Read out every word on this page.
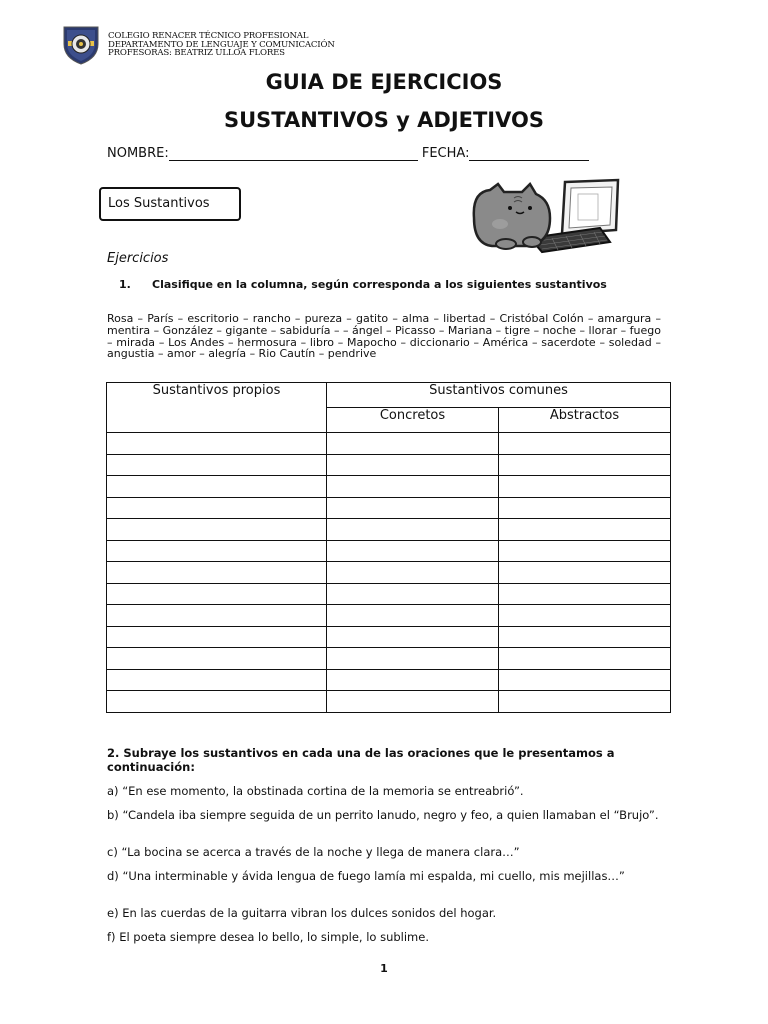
COLEGIO RENACER TÉCNICO PROFESIONAL
DEPARTAMENTO DE LENGUAJE Y COMUNICACIÓN
PROFESORAS: BEATRIZ ULLOA FLORES
GUIA DE EJERCICIOS
SUSTANTIVOS y ADJETIVOS
NOMBRE:	FECHA:
Los Sustantivos
Ejercicios
1. Clasifique en la columna, según corresponda a los siguientes sustantivos
Rosa – París – escritorio – rancho – pureza – gatito – alma – libertad – Cristóbal Colón – amargura – mentira – González – gigante – sabiduría – – ángel – Picasso – Mariana – tigre – noche – llorar – fuego – mirada – Los Andes – hermosura – libro – Mapocho – diccionario – América – sacerdote – soledad – angustia – amor – alegría – Rio Cautín – pendrive
Sustantivos propios	Sustantivos comunes	
	Concretos	Abstractos

2. Subraye los sustantivos en cada una de las oraciones que le presentamos a continuación:
a) “En ese momento, la obstinada cortina de la memoria se entreabrió”.
b) “Candela iba siempre seguida de un perrito lanudo, negro y feo, a quien llamaban el “Brujo”.
c) “La bocina se acerca a través de la noche y llega de manera clara…”
d) “Una interminable y ávida lengua de fuego lamía mi espalda, mi cuello, mis mejillas…”
e) En las cuerdas de la guitarra vibran los dulces sonidos del hogar.
f) El poeta siempre desea lo bello, lo simple, lo sublime.
1
